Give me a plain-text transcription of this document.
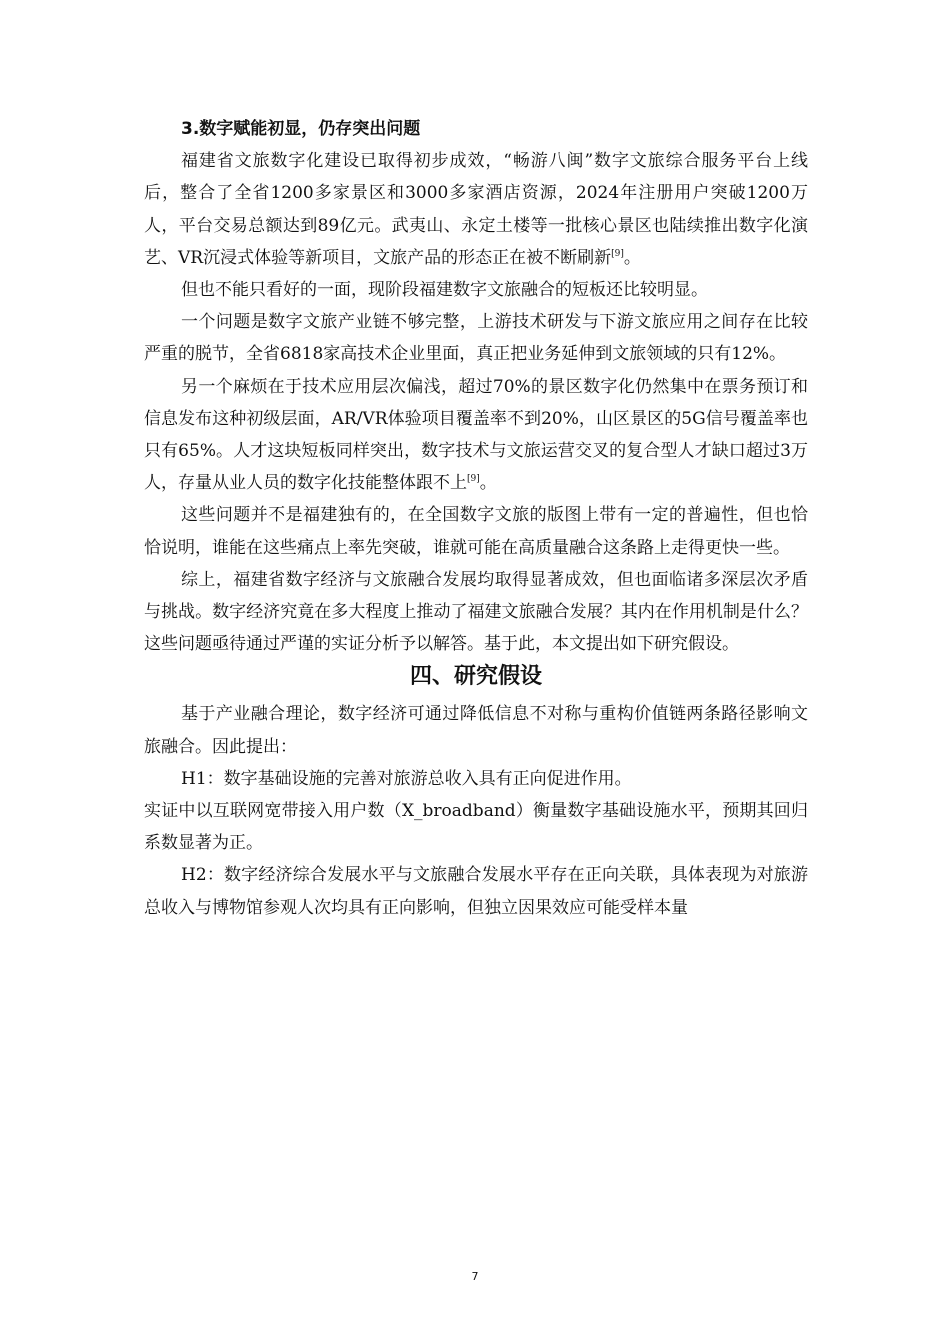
3.数字赋能初显，仍存突出问题

福建省文旅数字化建设已取得初步成效，“畅游八闽”数字文旅综合服务平台上线后，整合了全省1200多家景区和3000多家酒店资源，2024年注册用户突破1200万人，平台交易总额达到89亿元。武夷山、永定土楼等一批核心景区也陆续推出数字化演艺、VR沉浸式体验等新项目，文旅产品的形态正在被不断刷新[9]。

但也不能只看好的一面，现阶段福建数字文旅融合的短板还比较明显。

一个问题是数字文旅产业链不够完整，上游技术研发与下游文旅应用之间存在比较严重的脱节，全省6818家高技术企业里面，真正把业务延伸到文旅领域的只有12%。

另一个麻烦在于技术应用层次偏浅，超过70%的景区数字化仍然集中在票务预订和信息发布这种初级层面，AR/VR体验项目覆盖率不到20%，山区景区的5G信号覆盖率也只有65%。人才这块短板同样突出，数字技术与文旅运营交叉的复合型人才缺口超过3万人，存量从业人员的数字化技能整体跟不上[9]。

这些问题并不是福建独有的，在全国数字文旅的版图上带有一定的普遍性，但也恰恰说明，谁能在这些痛点上率先突破，谁就可能在高质量融合这条路上走得更快一些。

综上，福建省数字经济与文旅融合发展均取得显著成效，但也面临诸多深层次矛盾与挑战。数字经济究竟在多大程度上推动了福建文旅融合发展？其内在作用机制是什么？这些问题亟待通过严谨的实证分析予以解答。基于此，本文提出如下研究假设。

四、研究假设

基于产业融合理论，数字经济可通过降低信息不对称与重构价值链两条路径影响文旅融合。因此提出：

H1：数字基础设施的完善对旅游总收入具有正向促进作用。

实证中以互联网宽带接入用户数（X_broadband）衡量数字基础设施水平，预期其回归系数显著为正。

H2：数字经济综合发展水平与文旅融合发展水平存在正向关联，具体表现为对旅游总收入与博物馆参观人次均具有正向影响，但独立因果效应可能受样本量

7
